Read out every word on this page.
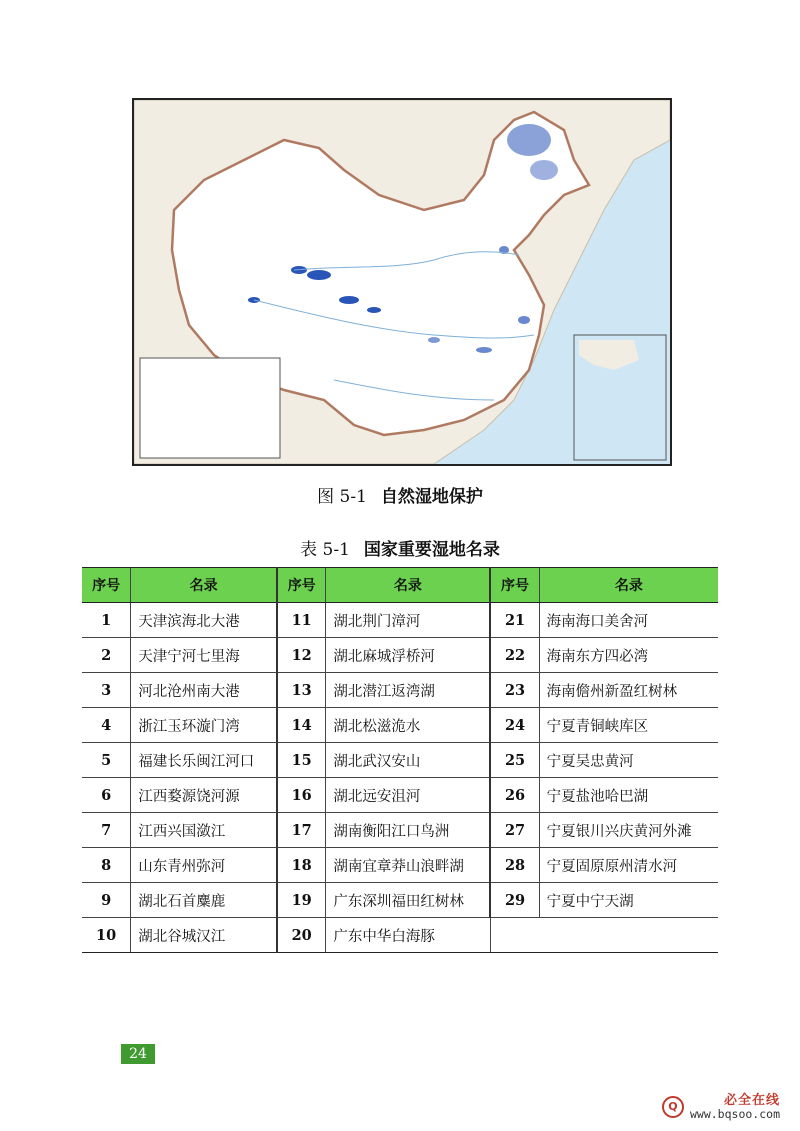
图 5-1 自然湿地保护
表 5-1 国家重要湿地名录
序号	名录	序号	名录	序号	名录
1	天津滨海北大港	11	湖北荆门漳河	21	海南海口美舍河
2	天津宁河七里海	12	湖北麻城浮桥河	22	海南东方四必湾
3	河北沧州南大港	13	湖北潜江返湾湖	23	海南儋州新盈红树林
4	浙江玉环漩门湾	14	湖北松滋洈水	24	宁夏青铜峡库区
5	福建长乐闽江河口	15	湖北武汉安山	25	宁夏吴忠黄河
6	江西婺源饶河源	16	湖北远安沮河	26	宁夏盐池哈巴湖
7	江西兴国潋江	17	湖南衡阳江口鸟洲	27	宁夏银川兴庆黄河外滩
8	山东青州弥河	18	湖南宜章莽山浪畔湖	28	宁夏固原原州清水河
9	湖北石首麋鹿	19	广东深圳福田红树林	29	宁夏中宁天湖
10	湖北谷城汉江	20	广东中华白海豚		
24
Q	必全在线
www.bqsoo.com
